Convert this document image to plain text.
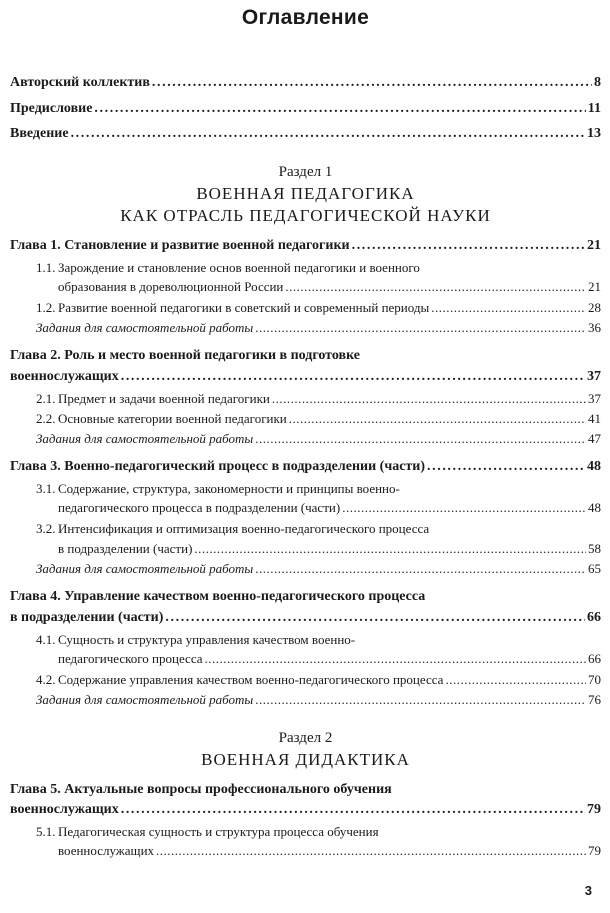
Оглавление
Авторский коллектив .....	8
Предисловие .....	11
Введение .....	13
Раздел 1
ВОЕННАЯ ПЕДАГОГИКА
КАК ОТРАСЛЬ ПЕДАГОГИЧЕСКОЙ НАУКИ
Глава 1. Становление и развитие военной педагогики .....	21
1.1. Зарождение и становление основ военной педагогики и военного
образования в дореволюционной России .....	21
1.2. Развитие военной педагогики в советский и современный периоды .....	28
Задания для самостоятельной работы .....	36
Глава 2. Роль и место военной педагогики в подготовке
военнослужащих .....	37
2.1. Предмет и задачи военной педагогики .....	37
2.2. Основные категории военной педагогики .....	41
Задания для самостоятельной работы .....	47
Глава 3. Военно-педагогический процесс в подразделении (части) .....	48
3.1. Содержание, структура, закономерности и принципы военно-
педагогического процесса в подразделении (части) .....	48
3.2. Интенсификация и оптимизация военно-педагогического процесса
в подразделении (части) .....	58
Задания для самостоятельной работы .....	65
Глава 4. Управление качеством военно-педагогического процесса
в подразделении (части) .....	66
4.1. Сущность и структура управления качеством военно-
педагогического процесса .....	66
4.2. Содержание управления качеством военно-педагогического процесса .....	70
Задания для самостоятельной работы .....	76
Раздел 2
ВОЕННАЯ ДИДАКТИКА
Глава 5. Актуальные вопросы профессионального обучения
военнослужащих .....	79
5.1. Педагогическая сущность и структура процесса обучения
военнослужащих .....	79
3
